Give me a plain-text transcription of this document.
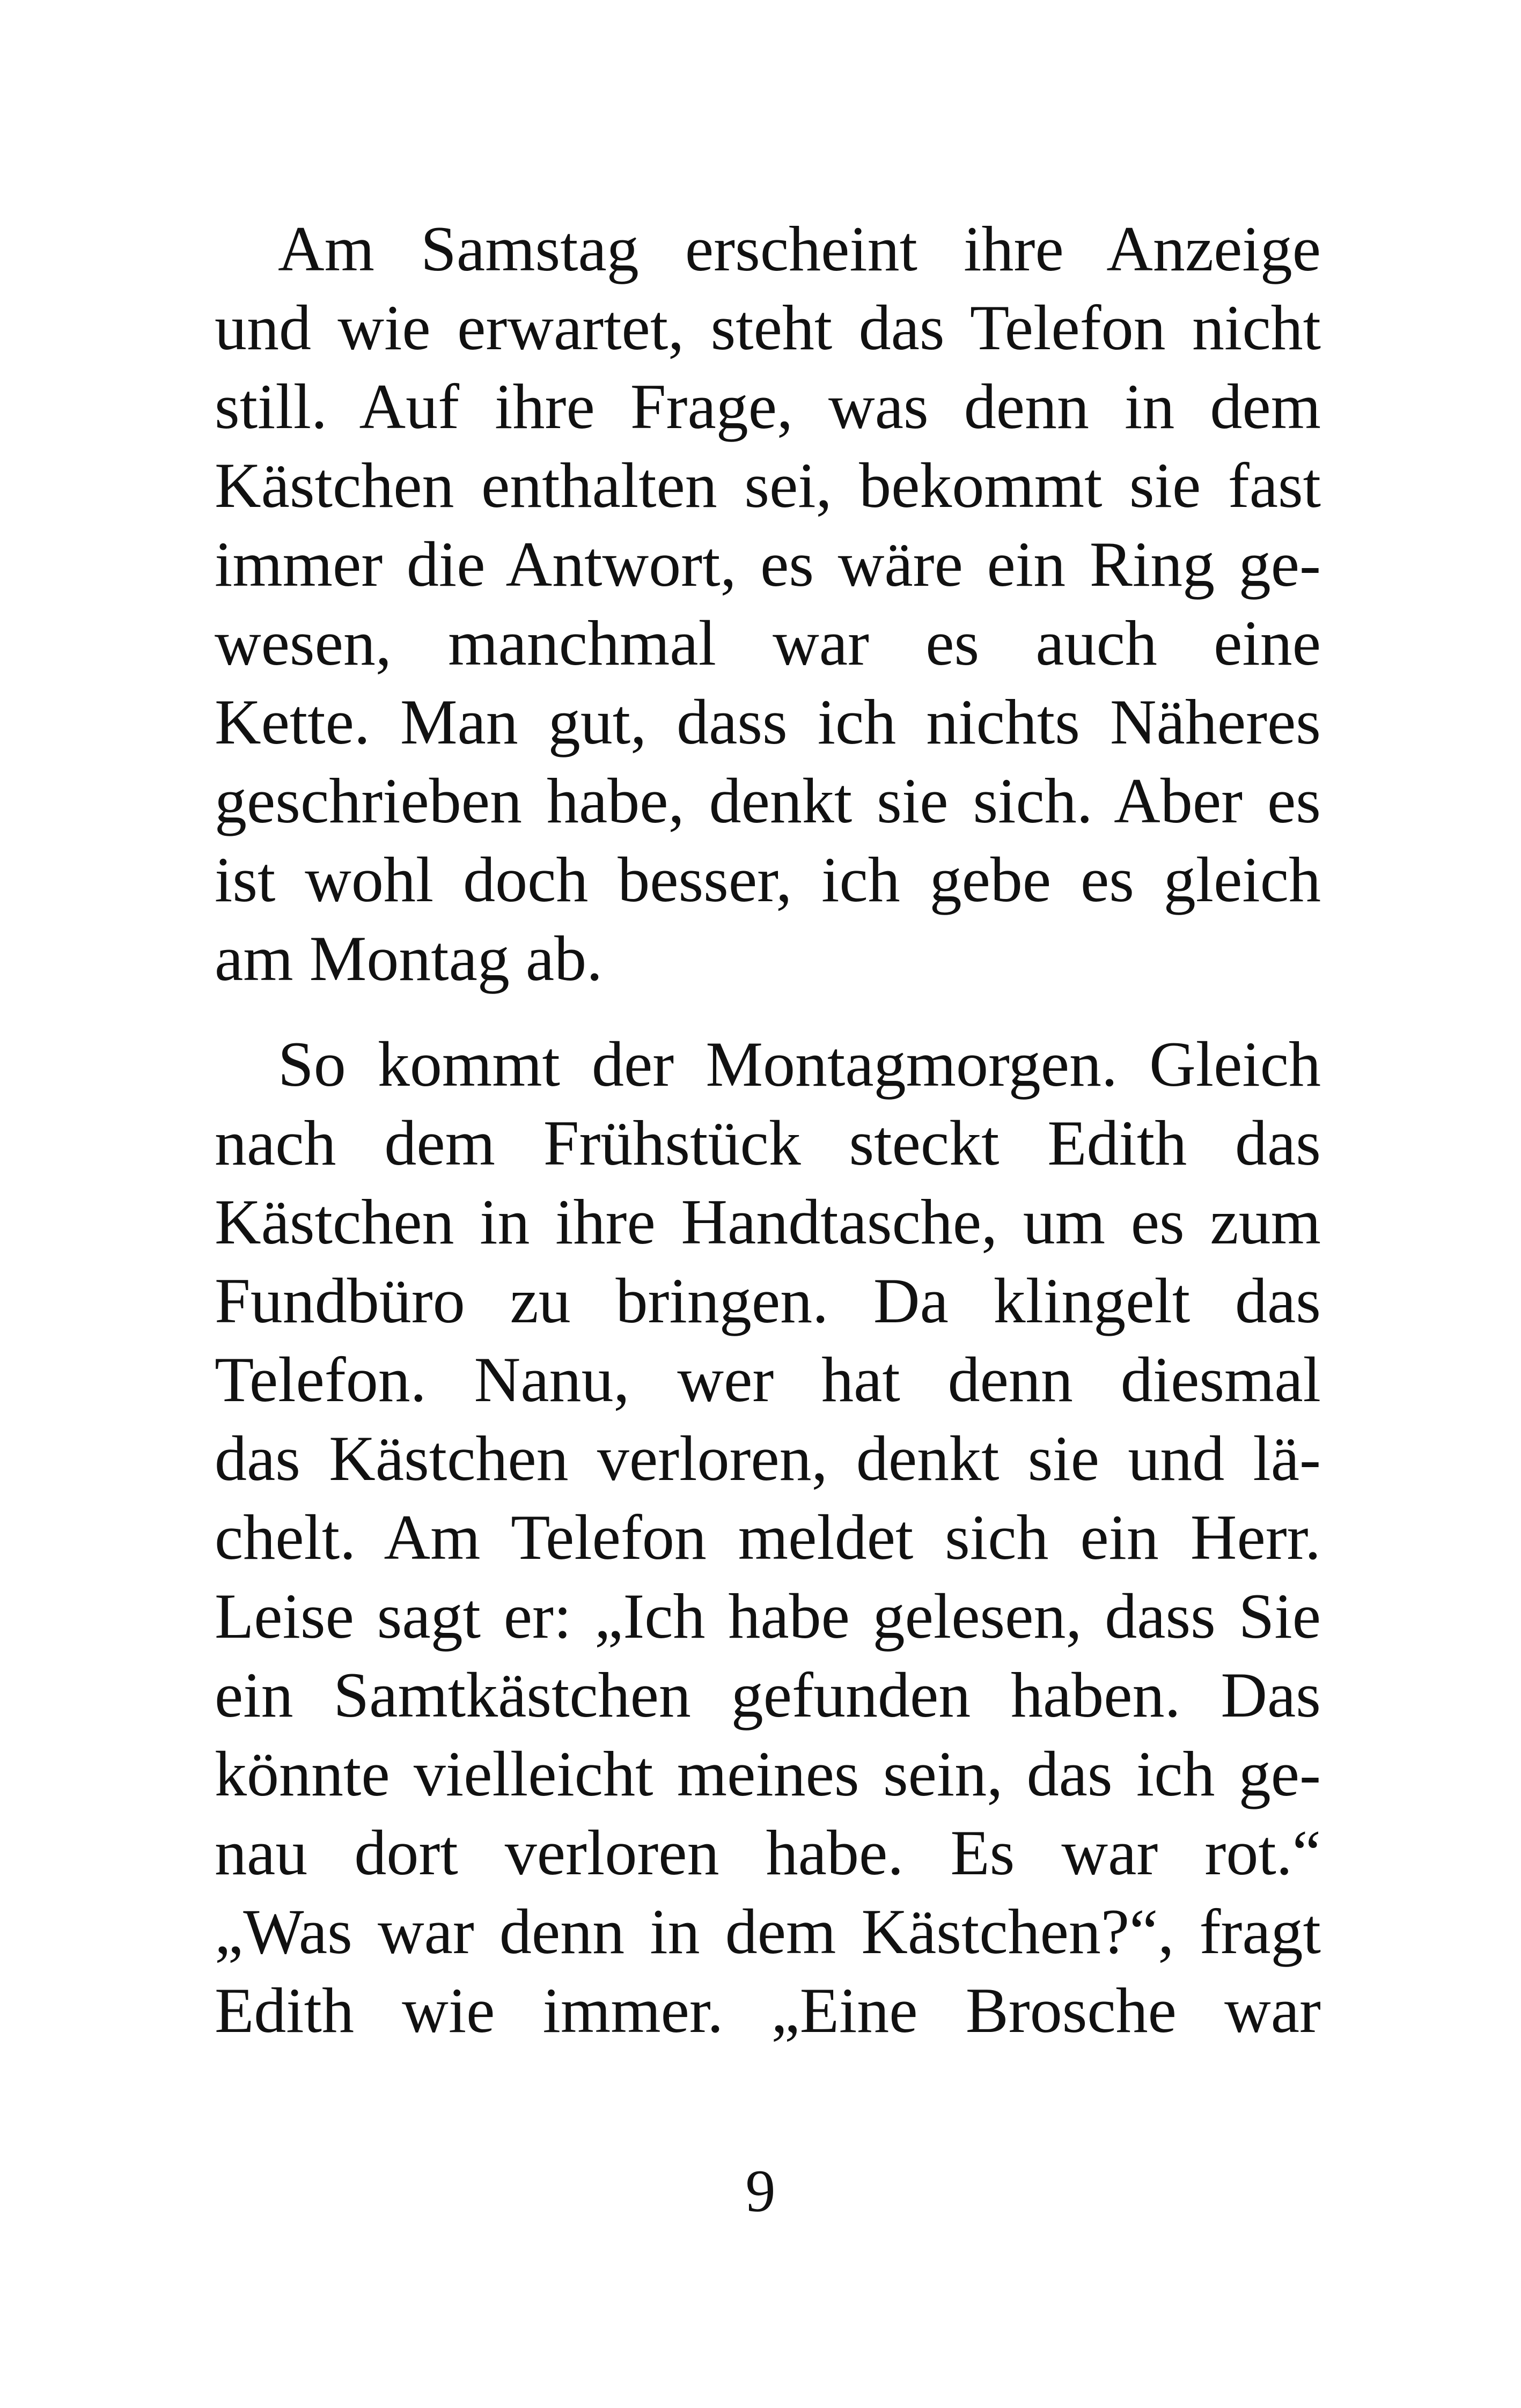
Am Samstag erscheint ihre Anzeige
und wie erwartet, steht das Telefon nicht
still. Auf ihre Frage, was denn in dem
Kästchen enthalten sei, bekommt sie fast
immer die Antwort, es wäre ein Ring ge-
wesen, manchmal war es auch eine
Kette. Man gut, dass ich nichts Näheres
geschrieben habe, denkt sie sich. Aber es
ist wohl doch besser, ich gebe es gleich
am Montag ab.
So kommt der Montagmorgen. Gleich
nach dem Frühstück steckt Edith das
Kästchen in ihre Handtasche, um es zum
Fundbüro zu bringen. Da klingelt das
Telefon. Nanu, wer hat denn diesmal
das Kästchen verloren, denkt sie und lä-
chelt. Am Telefon meldet sich ein Herr.
Leise sagt er: „Ich habe gelesen, dass Sie
ein Samtkästchen gefunden haben. Das
könnte vielleicht meines sein, das ich ge-
nau dort verloren habe. Es war rot.“
„Was war denn in dem Kästchen?“, fragt
Edith wie immer. „Eine Brosche war
9
